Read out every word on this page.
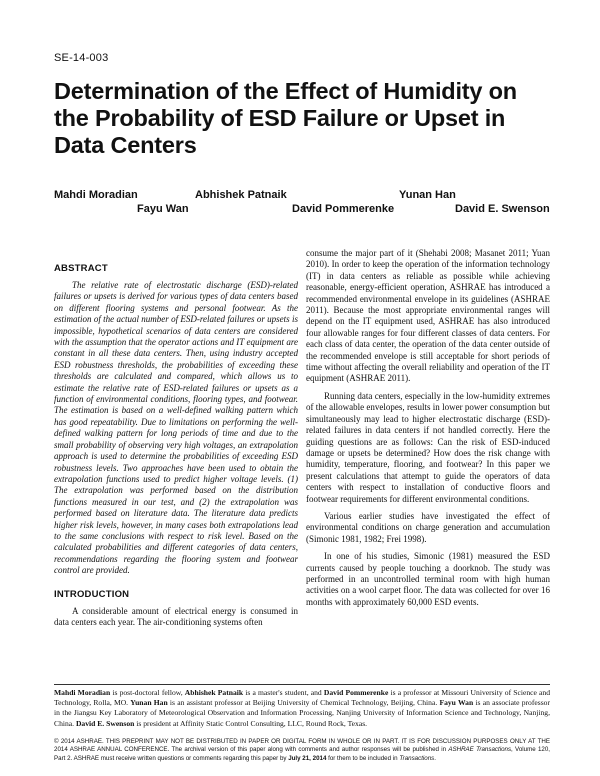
SE-14-003
Determination of the Effect of Humidity on the Probability of ESD Failure or Upset in Data Centers
Mahdi Moradian	Abhishek Patnaik	Yunan Han
Fayu Wan	David Pommerenke	David E. Swenson
ABSTRACT

The relative rate of electrostatic discharge (ESD)-related failures or upsets is derived for various types of data centers based on different flooring systems and personal footwear. As the estimation of the actual number of ESD-related failures or upsets is impossible, hypothetical scenarios of data centers are considered with the assumption that the operator actions and IT equipment are constant in all these data centers. Then, using industry accepted ESD robustness thresholds, the probabilities of exceeding these thresholds are calculated and compared, which allows us to estimate the relative rate of ESD-related failures or upsets as a function of environmental conditions, flooring types, and footwear. The estimation is based on a well-defined walking pattern which has good repeatability. Due to limitations on performing the well-defined walking pattern for long periods of time and due to the small probability of observing very high voltages, an extrapolation approach is used to determine the probabilities of exceeding ESD robustness levels. Two approaches have been used to obtain the extrapolation functions used to predict higher voltage levels. (1) The extrapolation was performed based on the distribution functions measured in our test, and (2) the extrapolation was performed based on literature data. The literature data predicts higher risk levels, however, in many cases both extrapolations lead to the same conclusions with respect to risk level. Based on the calculated probabilities and different categories of data centers, recommendations regarding the flooring system and footwear control are provided.

INTRODUCTION

A considerable amount of electrical energy is consumed in data centers each year. The air-conditioning systems often

consume the major part of it (Shehabi 2008; Masanet 2011; Yuan 2010). In order to keep the operation of the information technology (IT) in data centers as reliable as possible while achieving reasonable, energy-efficient operation, ASHRAE has introduced a recommended environmental envelope in its guidelines (ASHRAE 2011). Because the most appropriate environmental ranges will depend on the IT equipment used, ASHRAE has also introduced four allowable ranges for four different classes of data centers. For each class of data center, the operation of the data center outside of the recommended envelope is still acceptable for short periods of time without affecting the overall reliability and operation of the IT equipment (ASHRAE 2011).

Running data centers, especially in the low-humidity extremes of the allowable envelopes, results in lower power consumption but simultaneously may lead to higher electrostatic discharge (ESD)-related failures in data centers if not handled correctly. Here the guiding questions are as follows: Can the risk of ESD-induced damage or upsets be determined? How does the risk change with humidity, temperature, flooring, and footwear? In this paper we present calculations that attempt to guide the operators of data centers with respect to installation of conductive floors and footwear requirements for different environmental conditions.

Various earlier studies have investigated the effect of environmental conditions on charge generation and accumulation (Simonic 1981, 1982; Frei 1998).

In one of his studies, Simonic (1981) measured the ESD currents caused by people touching a doorknob. The study was performed in an uncontrolled terminal room with high human activities on a wool carpet floor. The data was collected for over 16 months with approximately 60,000 ESD events.

Mahdi Moradian is post-doctoral fellow, Abhishek Patnaik is a master's student, and David Pommerenke is a professor at Missouri University of Science and Technology, Rolla, MO. Yunan Han is an assistant professor at Beijing University of Chemical Technology, Beijing, China. Fayu Wan is an associate professor in the Jiangsu Key Laboratory of Meteorological Observation and Information Processing, Nanjing University of Information Science and Technology, Nanjing, China. David E. Swenson is president at Affinity Static Control Consulting, LLC, Round Rock, Texas.
© 2014 ASHRAE. THIS PREPRINT MAY NOT BE DISTRIBUTED IN PAPER OR DIGITAL FORM IN WHOLE OR IN PART. IT IS FOR DISCUSSION PURPOSES ONLY AT THE 2014 ASHRAE ANNUAL CONFERENCE. The archival version of this paper along with comments and author responses will be published in ASHRAE Transactions, Volume 120, Part 2. ASHRAE must receive written questions or comments regarding this paper by July 21, 2014 for them to be included in Transactions.
